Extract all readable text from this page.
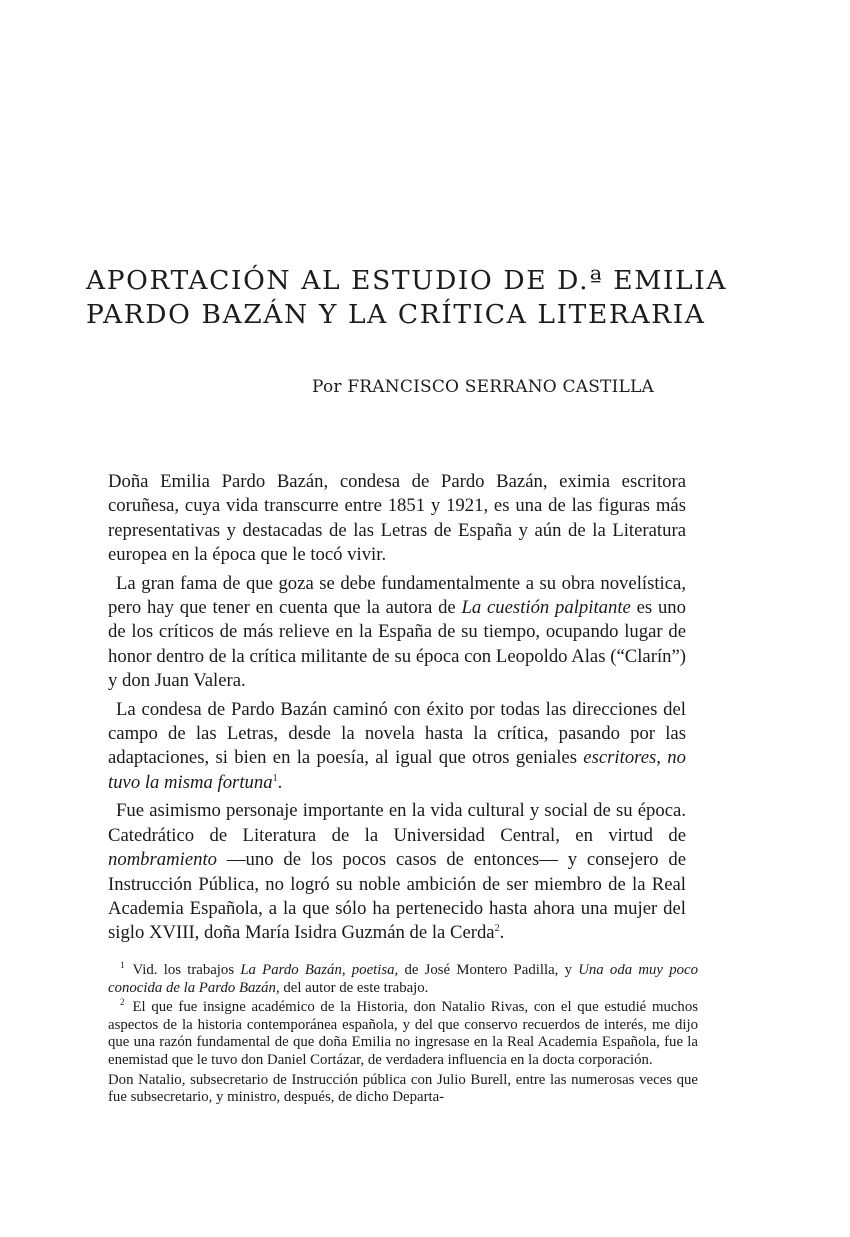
APORTACIÓN AL ESTUDIO DE D.ª EMILIA
PARDO BAZÁN Y LA CRÍTICA LITERARIA
Por FRANCISCO SERRANO CASTILLA

Doña Emilia Pardo Bazán, condesa de Pardo Bazán, eximia escritora coruñesa, cuya vida transcurre entre 1851 y 1921, es una de las figuras más representativas y destacadas de las Letras de España y aún de la Literatura europea en la época que le tocó vivir.

La gran fama de que goza se debe fundamentalmente a su obra novelística, pero hay que tener en cuenta que la autora de La cuestión palpitante es uno de los críticos de más relieve en la España de su tiempo, ocupando lugar de honor dentro de la crítica militante de su época con Leopoldo Alas (“Clarín”) y don Juan Valera.

La condesa de Pardo Bazán caminó con éxito por todas las direcciones del campo de las Letras, desde la novela hasta la crítica, pasando por las adaptaciones, si bien en la poesía, al igual que otros geniales escritores, no tuvo la misma fortuna$^1$.

Fue asimismo personaje importante en la vida cultural y social de su época. Catedrático de Literatura de la Universidad Central, en virtud de nombramiento —uno de los pocos casos de entonces— y consejero de Instrucción Pública, no logró su noble ambición de ser miembro de la Real Academia Española, a la que sólo ha pertenecido hasta ahora una mujer del siglo XVIII, doña María Isidra Guzmán de la Cerda$^2$.

$^1$ Vid. los trabajos La Pardo Bazán, poetisa, de José Montero Padilla, y Una oda muy poco conocida de la Pardo Bazán, del autor de este trabajo.

$^2$ El que fue insigne académico de la Historia, don Natalio Rivas, con el que estudié muchos aspectos de la historia contemporánea española, y del que conservo recuerdos de interés, me dijo que una razón fundamental de que doña Emilia no ingresase en la Real Academia Española, fue la enemistad que le tuvo don Daniel Cortázar, de verdadera influencia en la docta corporación.

Don Natalio, subsecretario de Instrucción pública con Julio Burell, entre las numerosas veces que fue subsecretario, y ministro, después, de dicho Departa-
